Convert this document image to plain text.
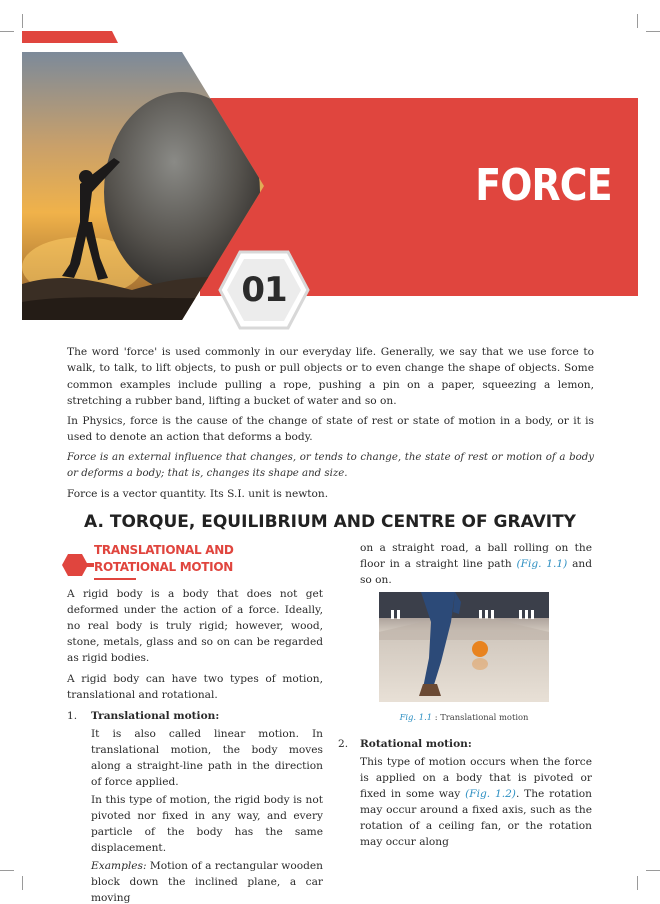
FORCE
01

The word 'force' is used commonly in our everyday life. Generally, we say that we use force to walk, to talk, to lift objects, to push or pull objects or to even change the shape of objects. Some common examples include pulling a rope, pushing a pin on a paper, squeezing a lemon, stretching a rubber band, lifting a bucket of water and so on.

In Physics, force is the cause of the change of state of rest or state of motion in a body, or it is used to denote an action that deforms a body.

Force is an external influence that changes, or tends to change, the state of rest or motion of a body or deforms a body; that is, changes its shape and size.

Force is a vector quantity. Its S.I. unit is newton.

A. TORQUE, EQUILIBRIUM AND CENTRE OF GRAVITY
TRANSLATIONAL AND ROTATIONAL MOTION

A rigid body is a body that does not get deformed under the action of a force. Ideally, no real body is truly rigid; however, wood, stone, metals, glass and so on can be regarded as rigid bodies.

A rigid body can have two types of motion, translational and rotational.

1.	Translational motion:

It is also called linear motion. In translational motion, the body moves along a straight-line path in the direction of force applied.

In this type of motion, the rigid body is not pivoted nor fixed in any way, and every particle of the body has the same displacement.

Examples: Motion of a rectangular wooden block down the inclined plane, a car moving

on a straight road, a ball rolling on the floor in a straight line path (Fig. 1.1) and so on.

Fig. 1.1 : Translational motion
2.	Rotational motion:

This type of motion occurs when the force is applied on a body that is pivoted or fixed in some way (Fig. 1.2). The rotation may occur around a fixed axis, such as the rotation of a ceiling fan, or the rotation may occur along
